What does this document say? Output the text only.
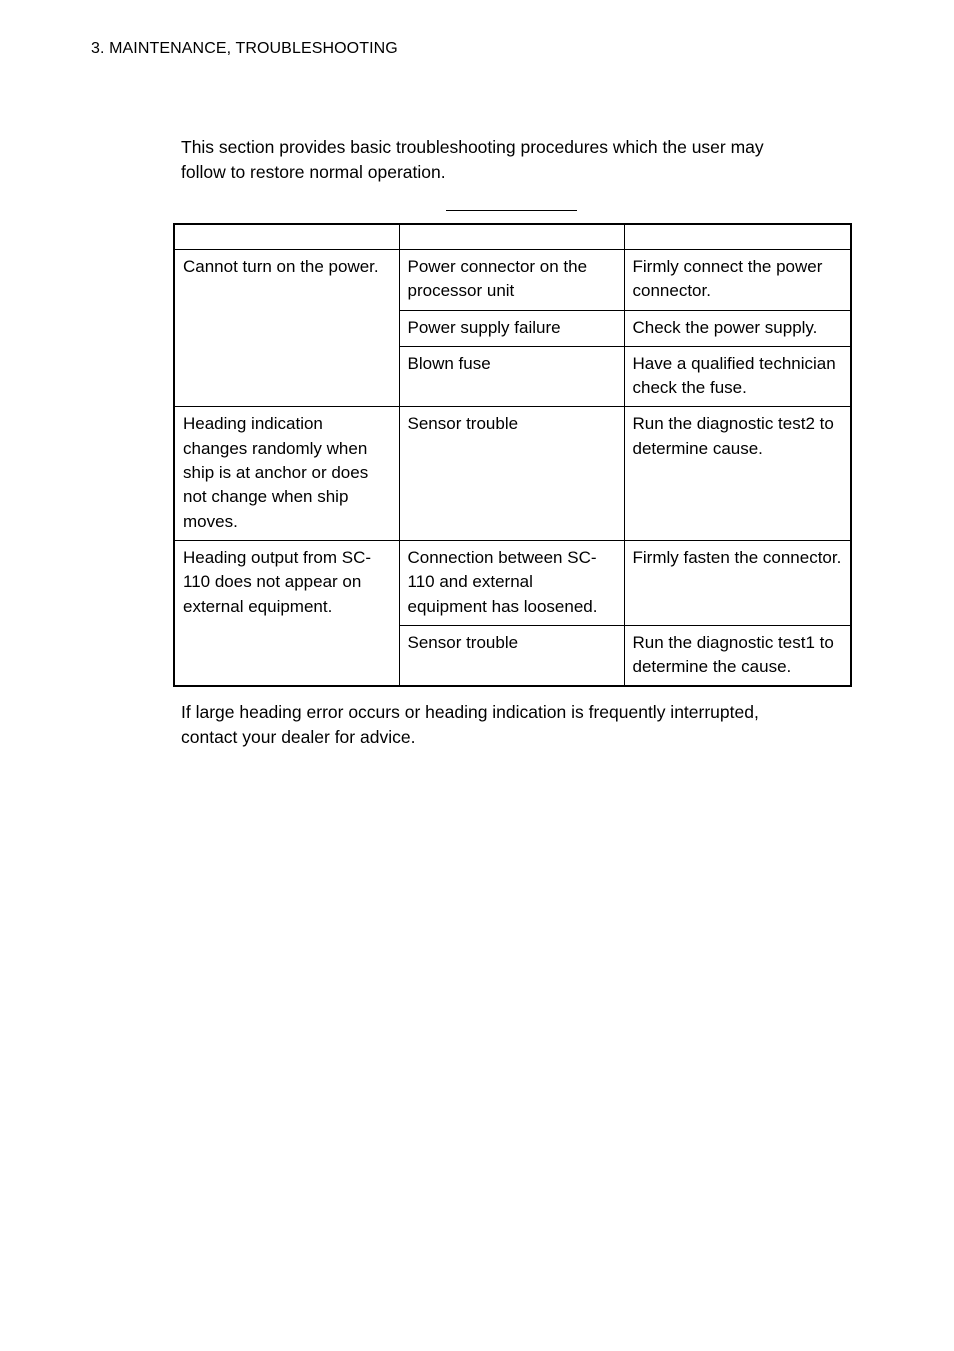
3. MAINTENANCE, TROUBLESHOOTING
This section provides basic troubleshooting procedures which the user may
follow to restore normal operation.

Cannot turn on the power.	Power connector on the processor unit	Firmly connect the power connector.
	Power supply failure	Check the power supply.
	Blown fuse	Have a qualified technician check the fuse.
Heading indication changes randomly when ship is at anchor or does not change when ship moves.	Sensor trouble	Run the diagnostic test2 to determine cause.
Heading output from SC-110 does not appear on external equipment.	Connection between SC-110 and external equipment has loosened.	Firmly fasten the connector.
	Sensor trouble	Run the diagnostic test1 to determine the cause.
If large heading error occurs or heading indication is frequently interrupted,
contact your dealer for advice.
